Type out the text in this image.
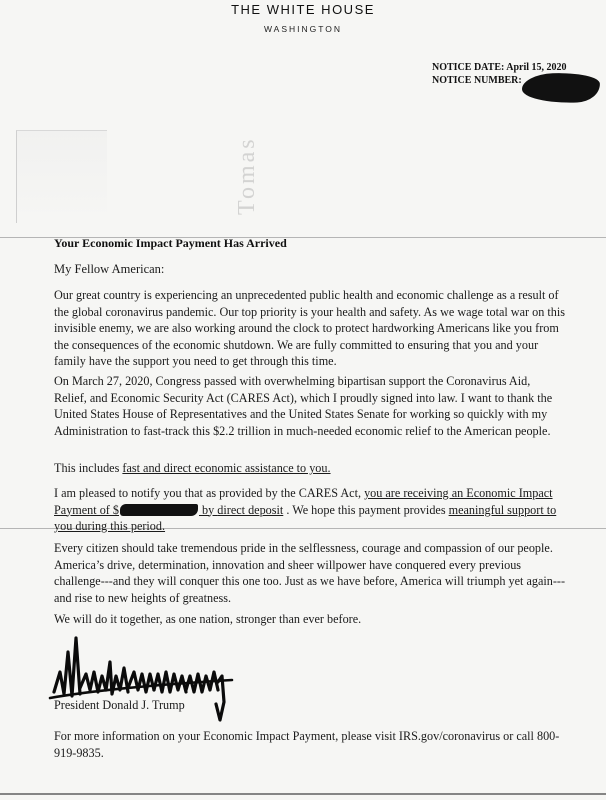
THE WHITE HOUSE
WASHINGTON
NOTICE DATE: April 15, 2020
NOTICE NUMBER:
Tomas
Your Economic Impact Payment Has Arrived
My Fellow American:

Our great country is experiencing an unprecedented public health and economic challenge as a result of the global coronavirus pandemic. Our top priority is your health and safety. As we wage total war on this invisible enemy, we are also working around the clock to protect hardworking Americans like you from the consequences of the economic shutdown. We are fully committed to ensuring that you and your family have the support you need to get through this time.

On March 27, 2020, Congress passed with overwhelming bipartisan support the Coronavirus Aid, Relief, and Economic Security Act (CARES Act), which I proudly signed into law. I want to thank the United States House of Representatives and the United States Senate for working so quickly with my Administration to fast-track this $2.2 trillion in much-needed economic relief to the American people.

This includes fast and direct economic assistance to you.

I am pleased to notify you that as provided by the CARES Act, you are receiving an Economic Impact Payment of $	by direct deposit . We hope this payment provides meaningful support to you during this period.

Every citizen should take tremendous pride in the selflessness, courage and compassion of our people. America’s drive, determination, innovation and sheer willpower have conquered every previous challenge---and they will conquer this one too. Just as we have before, America will triumph yet again---and rise to new heights of greatness.

We will do it together, as one nation, stronger than ever before.

President Donald J. Trump

For more information on your Economic Impact Payment, please visit IRS.gov/coronavirus or call 800-919-9835.
